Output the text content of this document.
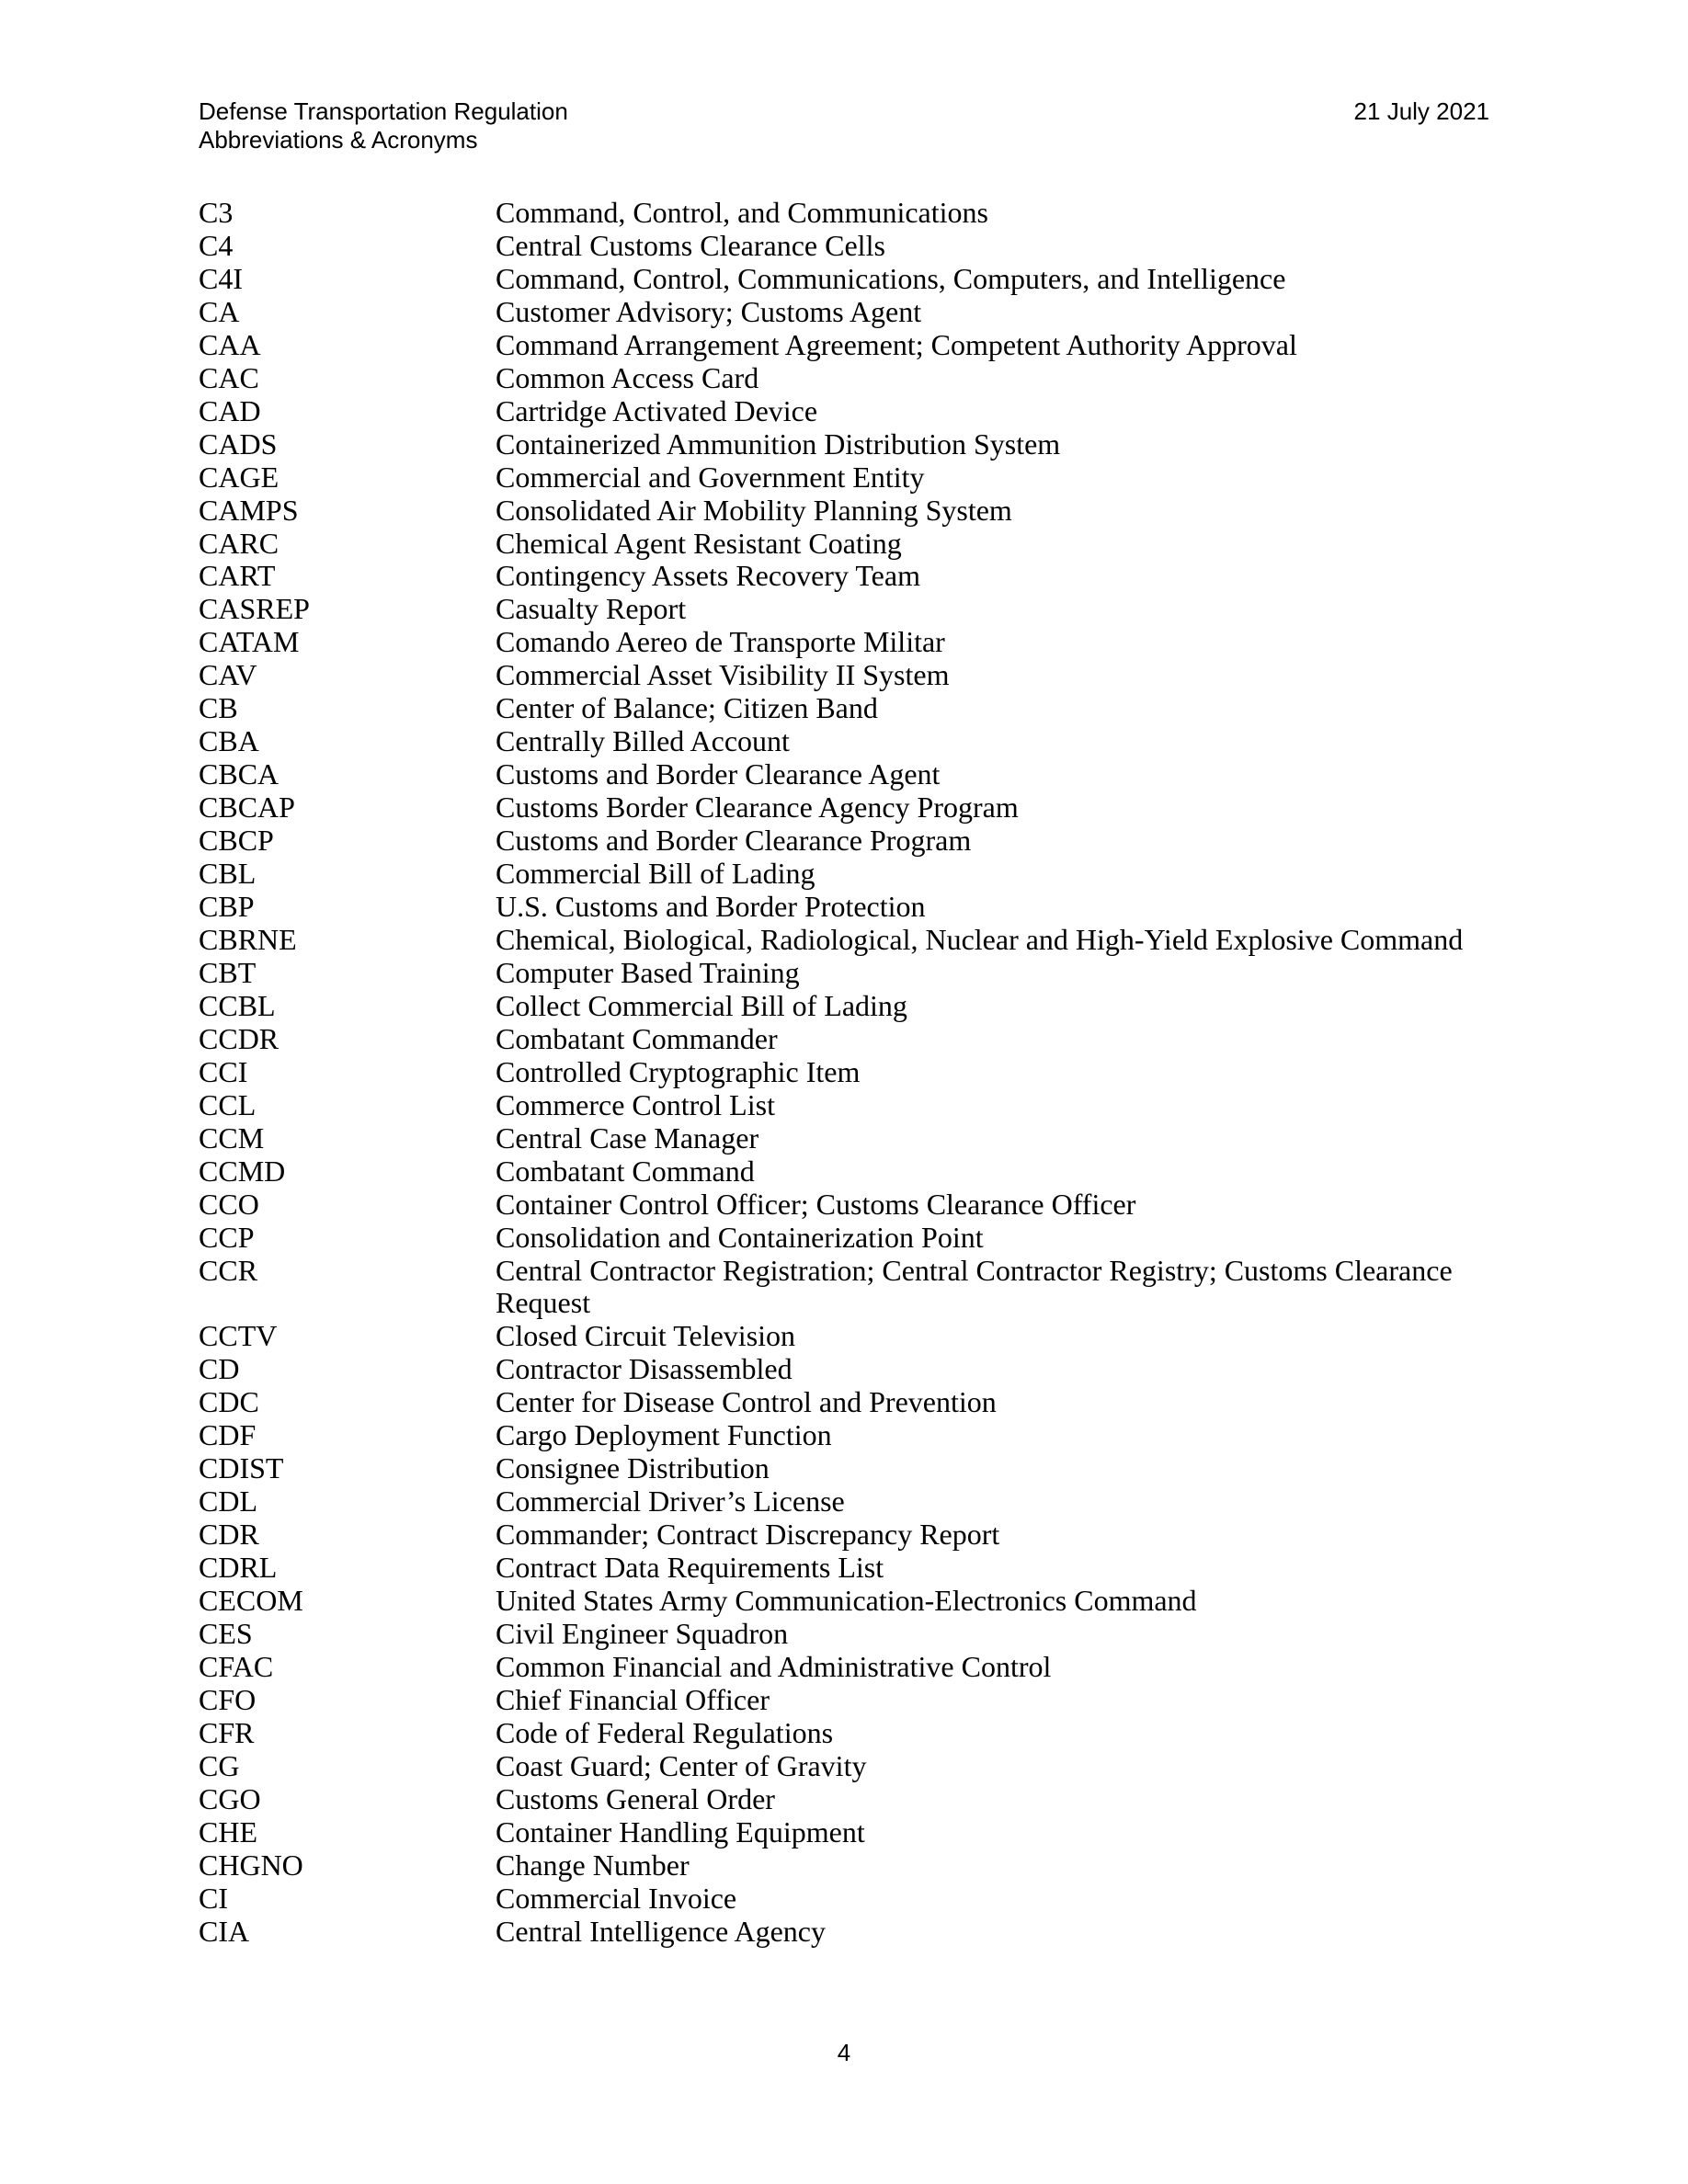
Defense Transportation Regulation	21 July 2021
Abbreviations & Acronyms
C3	Command, Control, and Communications
C4	Central Customs Clearance Cells
C4I	Command, Control, Communications, Computers, and Intelligence
CA	Customer Advisory; Customs Agent
CAA	Command Arrangement Agreement; Competent Authority Approval
CAC	Common Access Card
CAD	Cartridge Activated Device
CADS	Containerized Ammunition Distribution System
CAGE	Commercial and Government Entity
CAMPS	Consolidated Air Mobility Planning System
CARC	Chemical Agent Resistant Coating
CART	Contingency Assets Recovery Team
CASREP	Casualty Report
CATAM	Comando Aereo de Transporte Militar
CAV	Commercial Asset Visibility II System
CB	Center of Balance; Citizen Band
CBA	Centrally Billed Account
CBCA	Customs and Border Clearance Agent
CBCAP	Customs Border Clearance Agency Program
CBCP	Customs and Border Clearance Program
CBL	Commercial Bill of Lading
CBP	U.S. Customs and Border Protection
CBRNE	Chemical, Biological, Radiological, Nuclear and High-Yield Explosive Command
CBT	Computer Based Training
CCBL	Collect Commercial Bill of Lading
CCDR	Combatant Commander
CCI	Controlled Cryptographic Item
CCL	Commerce Control List
CCM	Central Case Manager
CCMD	Combatant Command
CCO	Container Control Officer; Customs Clearance Officer
CCP	Consolidation and Containerization Point
CCR	Central Contractor Registration; Central Contractor Registry; Customs Clearance Request
CCTV	Closed Circuit Television
CD	Contractor Disassembled
CDC	Center for Disease Control and Prevention
CDF	Cargo Deployment Function
CDIST	Consignee Distribution
CDL	Commercial Driver’s License
CDR	Commander; Contract Discrepancy Report
CDRL	Contract Data Requirements List
CECOM	United States Army Communication-Electronics Command
CES	Civil Engineer Squadron
CFAC	Common Financial and Administrative Control
CFO	Chief Financial Officer
CFR	Code of Federal Regulations
CG	Coast Guard; Center of Gravity
CGO	Customs General Order
CHE	Container Handling Equipment
CHGNO	Change Number
CI	Commercial Invoice
CIA	Central Intelligence Agency
4
